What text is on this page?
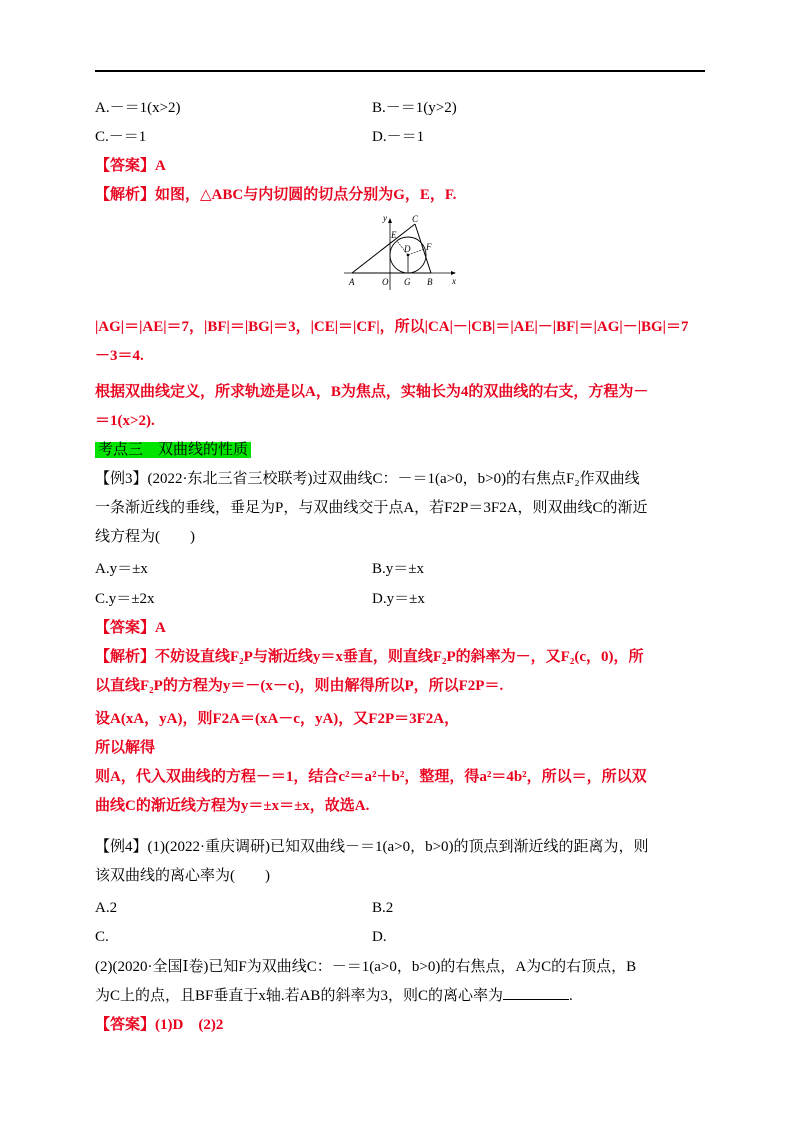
A.－＝1(x>2)	B.－＝1(y>2)
C.－＝1	D.－＝1
【答案】A
【解析】如图，△ABC与内切圆的切点分别为G，E，F.
y
x
C
E
D F
A	O G B
|AG|＝|AE|＝7，|BF|＝|BG|＝3，|CE|＝|CF|，所以|CA|－|CB|＝|AE|－|BF|＝|AG|－|BG|＝7
－3＝4.
根据双曲线定义，所求轨迹是以A，B为焦点，实轴长为4的双曲线的右支，方程为－
＝1(x>2).
考点三　双曲线的性质
【例3】(2022·东北三省三校联考)过双曲线C：－＝1(a>0，b>0)的右焦点F₂作双曲线
一条渐近线的垂线，垂足为P，与双曲线交于点A，若F2P＝3F2A，则双曲线C的渐近
线方程为(　　)
A.y＝±x	B.y＝±x
C.y＝±2x	D.y＝±x
【答案】A
【解析】不妨设直线F₂P与渐近线y＝x垂直，则直线F₂P的斜率为－，又F₂(c，0)，所
以直线F₂P的方程为y＝－(x－c)，则由解得所以P，所以F2P＝.
设A(xA，yA)，则F2A＝(xA－c，yA)，又F2P＝3F2A，
所以解得
则A，代入双曲线的方程－＝1，结合c²＝a²＋b²，整理，得a²＝4b²，所以＝，所以双
曲线C的渐近线方程为y＝±x＝±x，故选A.
【例4】(1)(2022·重庆调研)已知双曲线－＝1(a>0，b>0)的顶点到渐近线的距离为，则
该双曲线的离心率为(　　)
A.2	B.2
C.	D.
(2)(2020·全国Ⅰ卷)已知F为双曲线C：－＝1(a>0，b>0)的右焦点，A为C的右顶点，B
为C上的点，且BF垂直于x轴.若AB的斜率为3，则C的离心率为	.
【答案】(1)D　(2)2
